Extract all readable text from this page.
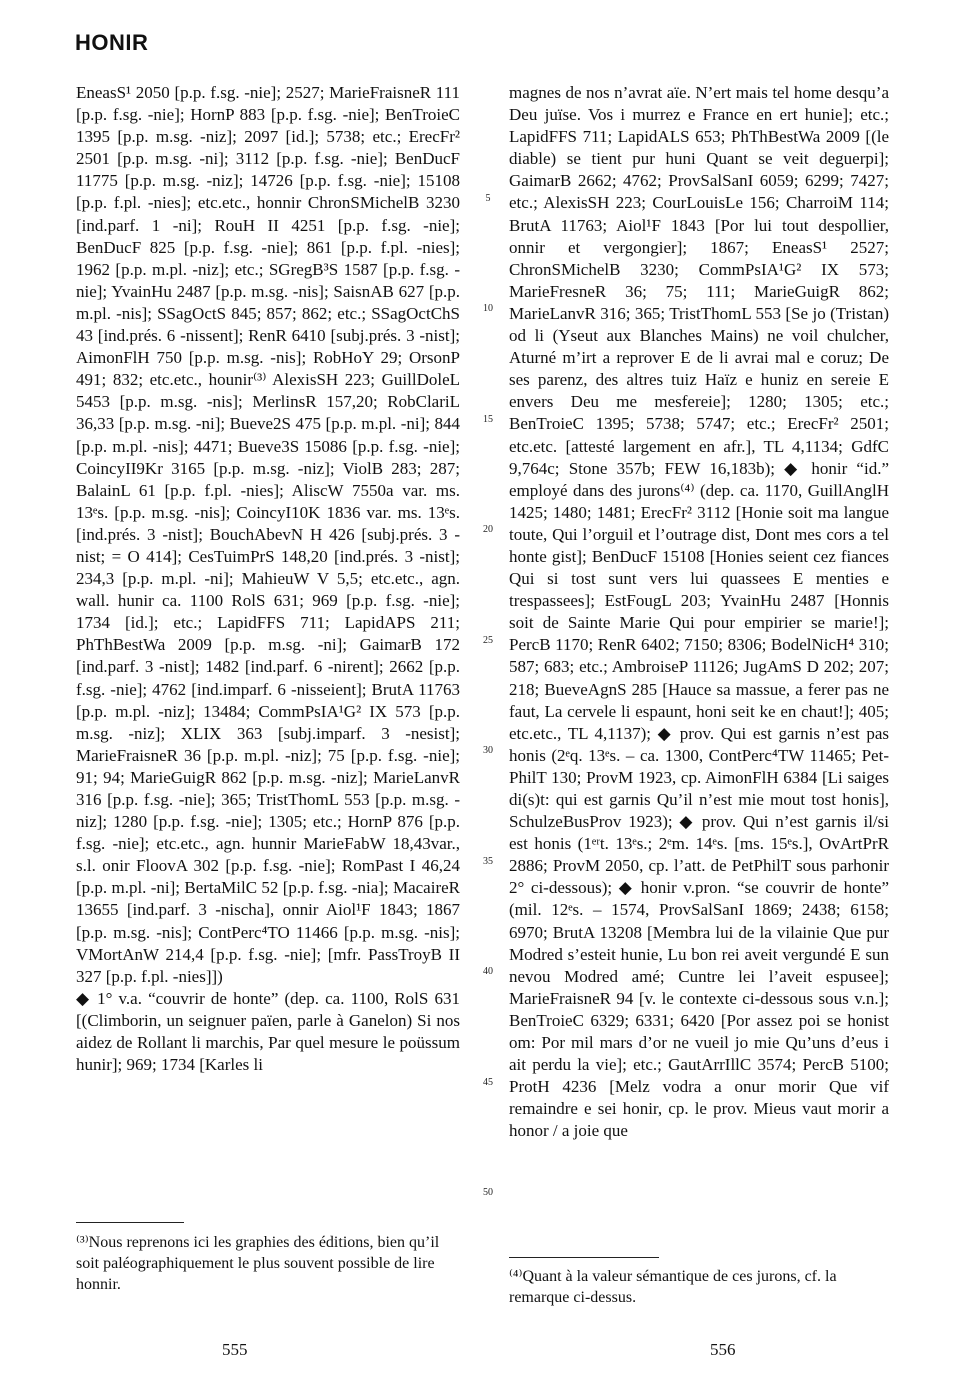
HONIR

EneasS¹ 2050 [p.p. f.sg. -nie]; 2527; MarieFraisneR 111 [p.p. f.sg. -nie]; HornP 883 [p.p. f.sg. -nie]; BenTroieC 1395 [p.p. m.sg. -niz]; 2097 [id.]; 5738; etc.; ErecFr² 2501 [p.p. m.sg. -ni]; 3112 [p.p. f.sg. -nie]; BenDucF 11775 [p.p. m.sg. -niz]; 14726 [p.p. f.sg. -nie]; 15108 [p.p. f.pl. -nies]; etc.etc., honnir ChronSMichelB 3230 [ind.parf. 1 -ni]; RouH II 4251 [p.p. f.sg. -nie]; BenDucF 825 [p.p. f.sg. -nie]; 861 [p.p. f.pl. -nies]; 1962 [p.p. m.pl. -niz]; etc.; SGregB³S 1587 [p.p. f.sg. -nie]; YvainHu 2487 [p.p. m.sg. -nis]; SaisnAB 627 [p.p. m.pl. -nis]; SSagOctS 845; 857; 862; etc.; SSagOctChS 43 [ind.prés. 6 -nissent]; RenR 6410 [subj.prés. 3 -nist]; AimonFlH 750 [p.p. m.sg. -nis]; RobHoY 29; OrsonP 491; 832; etc.etc., hounir⁽³⁾ AlexisSH 223; GuillDoleL 5453 [p.p. m.sg. -nis]; MerlinsR 157,20; RobClariL 36,33 [p.p. m.sg. -ni]; Bueve2S 475 [p.p. m.pl. -ni]; 844 [p.p. m.pl. -nis]; 4471; Bueve3S 15086 [p.p. f.sg. -nie]; CoincyII9Kr 3165 [p.p. m.sg. -niz]; ViolB 283; 287; BalainL 61 [p.p. f.pl. -nies]; AliscW 7550a var. ms. 13ᵉs. [p.p. m.sg. -nis]; CoincyI10K 1836 var. ms. 13ᵉs. [ind.prés. 3 -nist]; BouchAbevN H 426 [subj.prés. 3 -nist; = O 414]; CesTuimPrS 148,20 [ind.prés. 3 -nist]; 234,3 [p.p. m.pl. -ni]; MahieuW V 5,5; etc.etc., agn. wall. hunir ca. 1100 RolS 631; 969 [p.p. f.sg. -nie]; 1734 [id.]; etc.; LapidFFS 711; LapidAPS 211; PhThBestWa 2009 [p.p. m.sg. -ni]; GaimarB 172 [ind.parf. 3 -nist]; 1482 [ind.parf. 6 -nirent]; 2662 [p.p. f.sg. -nie]; 4762 [ind.imparf. 6 -nisseient]; BrutA 11763 [p.p. m.pl. -niz]; 13484; CommPsIA¹G² IX 573 [p.p. m.sg. -niz]; XLIX 363 [subj.imparf. 3 -nesist]; MarieFraisneR 36 [p.p. m.pl. -niz]; 75 [p.p. f.sg. -nie]; 91; 94; MarieGuigR 862 [p.p. m.sg. -niz]; MarieLanvR 316 [p.p. f.sg. -nie]; 365; TristThomL 553 [p.p. m.sg. -niz]; 1280 [p.p. f.sg. -nie]; 1305; etc.; HornP 876 [p.p. f.sg. -nie]; etc.etc., agn. hunnir MarieFabW 18,43var., s.l. onir FloovA 302 [p.p. f.sg. -nie]; RomPast I 46,24 [p.p. m.pl. -ni]; BertaMilC 52 [p.p. f.sg. -nia]; MacaireR 13655 [ind.parf. 3 -nischa], onnir Aiol¹F 1843; 1867 [p.p. m.sg. -nis]; ContPerc⁴TO 11466 [p.p. m.sg. -nis]; VMortAnW 214,4 [p.p. f.sg. -nie]; [mfr. PassTroyB II 327 [p.p. f.pl. -nies]])

◆ 1° v.a. “couvrir de honte” (dep. ca. 1100, RolS 631 [(Climborin, un seignuer païen, parle à Ganelon) Si nos aidez de Rollant li marchis, Par quel mesure le poüssum hunir]; 969; 1734 [Karles li

5
10
15
20
25
30
35
40
45
50

magnes de nos n’avrat aïe. N’ert mais tel home desqu’a Deu juïse. Vos i murrez e France en ert hunie]; etc.; LapidFFS 711; LapidALS 653; PhThBestWa 2009 [(le diable) se tient pur huni Quant se veit deguerpi]; GaimarB 2662; 4762; ProvSalSanI 6059; 6299; 7427; etc.; AlexisSH 223; CourLouisLe 156; CharroiM 114; BrutA 11763; Aiol¹F 1843 [Por lui tout despollier, onnir et vergongier]; 1867; EneasS¹ 2527; ChronSMichelB 3230; CommPsIA¹G² IX 573; MarieFresneR 36; 75; 111; MarieGuigR 862; MarieLanvR 316; 365; TristThomL 553 [Se jo (Tristan) od li (Yseut aux Blanches Mains) ne voil chulcher, Aturné m’irt a reprover E de li avrai mal e coruz; De ses parenz, des altres tuiz Haïz e huniz en sereie E envers Deu me mesfereie]; 1280; 1305; etc.; BenTroieC 1395; 5738; 5747; etc.; ErecFr² 2501; etc.etc. [attesté largement en afr.], TL 4,1134; GdfC 9,764c; Stone 357b; FEW 16,183b); ◆ honir “id.” employé dans des jurons⁽⁴⁾ (dep. ca. 1170, GuillAnglH 1425; 1480; 1481; ErecFr² 3112 [Honie soit ma langue toute, Qui l’orguil et l’outrage dist, Dont mes cors a tel honte gist]; BenDucF 15108 [Honies seient cez fiances Qui si tost sunt vers lui quassees E menties e trespassees]; EstFougL 203; YvainHu 2487 [Honnis soit de Sainte Marie Qui pour empirier se marie!]; PercB 1170; RenR 6402; 7150; 8306; BodelNicH⁴ 310; 587; 683; etc.; AmbroiseP 11126; JugAmS D 202; 207; 218; BueveAgnS 285 [Hauce sa massue, a ferer pas ne faut, La cervele li espaunt, honi seit ke en chaut!]; 405; etc.etc., TL 4,1137); ◆ prov. Qui est garnis n’est pas honis (2ᵉq. 13ᵉs. – ca. 1300, ContPerc⁴TW 11465; PetPhilT 130; ProvM 1923, cp. AimonFlH 6384 [Li saiges di(s)t: qui est garnis Qu’il n’est mie mout tost honis], SchulzeBusProv 1923); ◆ prov. Qui n’est garnis il/si est honis (1ᵉʳt. 13ᵉs.; 2ᵉm. 14ᵉs. [ms. 15ᵉs.], OvArtPrR 2886; ProvM 2050, cp. l’att. de PetPhilT sous parhonir 2° ci-dessous); ◆ honir v.pron. “se couvrir de honte” (mil. 12ᵉs. – 1574, ProvSalSanI 1869; 2438; 6158; 6970; BrutA 13208 [Membra lui de la vilainie Que pur Modred s’esteit hunie, Lu bon rei aveit vergundé E sun nevou Modred amé; Cuntre lei l’aveit espusee]; MarieFraisneR 94 [v. le contexte ci-dessous sous v.n.]; BenTroieC 6329; 6331; 6420 [Por assez poi se honist om: Por mil mars d’or ne vueil jo mie Qu’uns d’eus i ait perdu la vie]; etc.; GautArrIllC 3574; PercB 5100; ProtH 4236 [Melz vodra a onur morir Que vif remaindre e sei honir, cp. le prov. Mieus vaut morir a honor / a joie que

⁽³⁾Nous reprenons ici les graphies des éditions, bien qu’il soit paléographiquement le plus souvent possible de lire honnir.	⁽⁴⁾Quant à la valeur sémantique de ces jurons, cf. la remarque ci-dessus.
555	556
